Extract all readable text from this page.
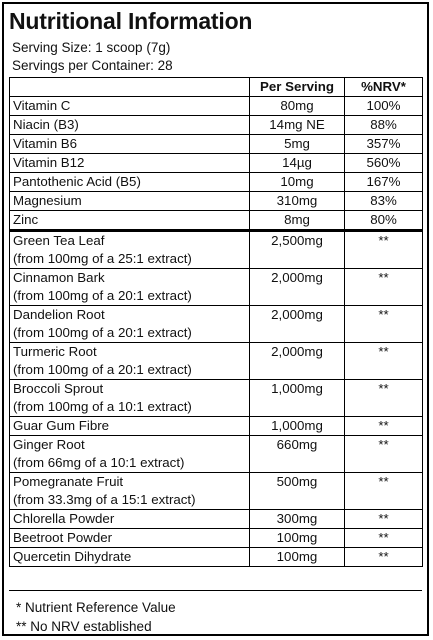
Nutritional Information
Serving Size: 1 scoop (7g)
Servings per Container: 28
	Per Serving	%NRV*
Vitamin C	80mg	100%
Niacin (B3)	14mg NE	88%
Vitamin B6	5mg	357%
Vitamin B12	14µg	560%
Pantothenic Acid (B5)	10mg	167%
Magnesium	310mg	83%
Zinc	8mg	80%

Green Tea Leaf
(from 100mg of a 25:1 extract)	2,500mg	**

Cinnamon Bark
(from 100mg of a 20:1 extract)	2,000mg	**

Dandelion Root
(from 100mg of a 20:1 extract)	2,000mg	**

Turmeric Root
(from 100mg of a 20:1 extract)	2,000mg	**

Broccoli Sprout
(from 100mg of a 10:1 extract)	1,000mg	**

Guar Gum Fibre	1,000mg	**

Ginger Root
(from 66mg of a 10:1 extract)	660mg	**

Pomegranate Fruit
(from 33.3mg of a 15:1 extract)	500mg	**

Chlorella Powder	300mg	**

Beetroot Powder	100mg	**

Quercetin Dihydrate	100mg	**
* Nutrient Reference Value
** No NRV established
